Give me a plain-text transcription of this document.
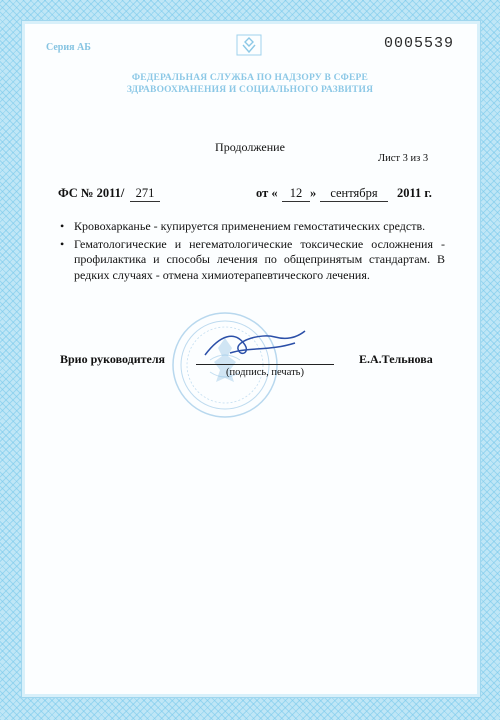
Серия АБ	0005539
ФЕДЕРАЛЬНАЯ СЛУЖБА ПО НАДЗОРУ В СФЕРЕ
ЗДРАВООХРАНЕНИЯ И СОЦИАЛЬНОГО РАЗВИТИЯ
Продолжение
Лист 3 из 3
ФС № 2011/ 271	от « 12 »	сентября	2011 г.
• Кровохарканье - купируется применением гемостатических средств.
• Гематологические и негематологические токсические осложнения - профилактика и способы лечения по общепринятым стандартам. В редких случаях - отмена химиотерапевтического лечения.
Врио руководителя
(подпись, печать)
Е.А.Тельнова
